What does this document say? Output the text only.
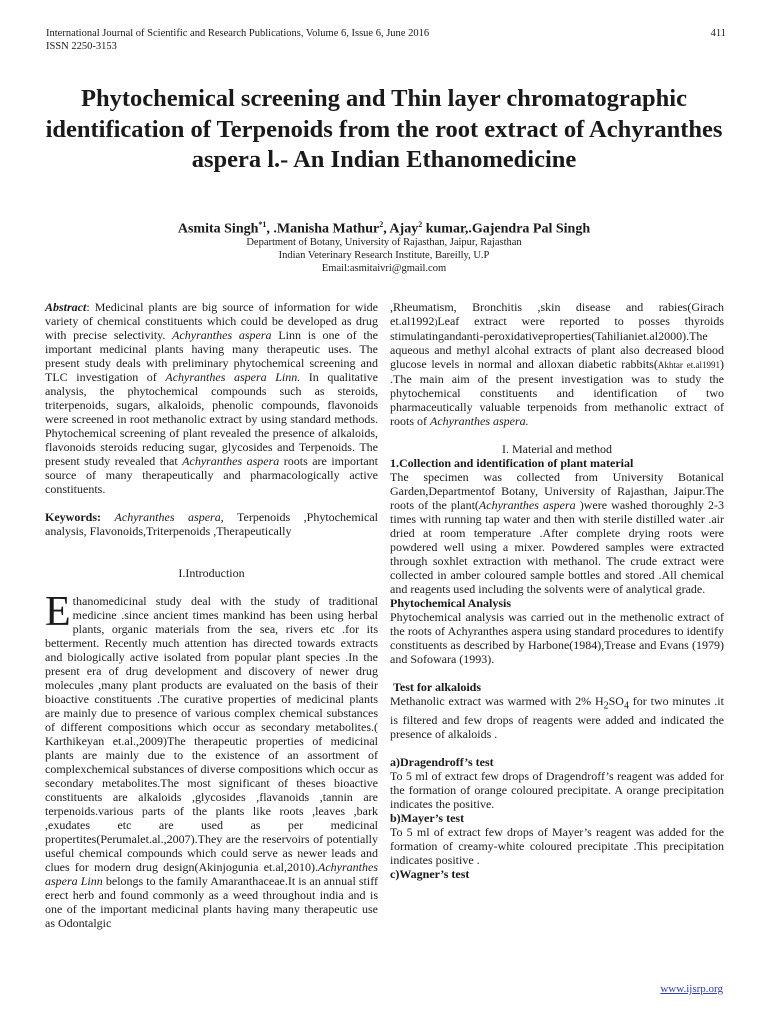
International Journal of Scientific and Research Publications, Volume 6, Issue 6, June 2016
ISSN 2250-3153
411
Phytochemical screening and Thin layer chromatographic identification of Terpenoids from the root extract of Achyranthes aspera l.- An Indian Ethanomedicine
Asmita Singh$^{*1}$, .Manisha Mathur$^2$, Ajay$^2$ kumar,.Gajendra Pal Singh
Department of Botany, University of Rajasthan, Jaipur, Rajasthan
Indian Veterinary Research Institute, Bareilly, U.P
Email:asmitaivri@gmail.com

Abstract: Medicinal plants are big source of information for wide variety of chemical constituents which could be developed as drug with precise selectivity. Achyranthes aspera Linn is one of the important medicinal plants having many therapeutic uses. The present study deals with preliminary phytochemical screening and TLC investigation of Achyranthes aspera Linn. In qualitative analysis, the phytochemical compounds such as steroids, triterpenoids, sugars, alkaloids, phenolic compounds, flavonoids were screened in root methanolic extract by using standard methods. Phytochemical screening of plant revealed the presence of alkaloids, flavonoids steroids reducing sugar, glycosides and Terpenoids. The present study revealed that Achyranthes aspera roots are important source of many therapeutically and pharmacologically active constituents.

Keywords: Achyranthes aspera, Terpenoids ,Phytochemical analysis, Flavonoids,Triterpenoids ,Therapeutically

I.Introduction

Ethanomedicinal study deal with the study of traditional medicine .since ancient times mankind has been using herbal plants, organic materials from the sea, rivers etc .for its betterment. Recently much attention has directed towards extracts and biologically active isolated from popular plant species .In the present era of drug development and discovery of newer drug molecules ,many plant products are evaluated on the basis of their bioactive constituents .The curative properties of medicinal plants are mainly due to presence of various complex chemical substances of different compositions which occur as secondary metabolites.( Karthikeyan et.al.,2009)The therapeutic properties of medicinal plants are mainly due to the existence of an assortment of complexchemical substances of diverse compositions which occur as secondary metabolites.The most significant of theses bioactive constituents are alkaloids ,glycosides ,flavanoids ,tannin are terpenoids.various parts of the plants like roots ,leaves ,bark ,exudates etc are used as per medicinal propertites(Perumalet.al.,2007).They are the reservoirs of potentially useful chemical compounds which could serve as newer leads and clues for modern drug design(Akinjogunia et.al,2010).Achyranthes aspera Linn belongs to the family Amaranthaceae.It is an annual stiff erect herb and found commonly as a weed throughout india and is one of the important medicinal plants having many therapeutic use as Odontalgic

,Rheumatism, Bronchitis ,skin disease and rabies(Girach et.al1992)Leaf extract were reported to posses thyroids stimulatingandanti-peroxidativeproperties(Tahilianiet.al2000).The aqueous and methyl alcohal extracts of plant also decreased blood glucose levels in normal and alloxan diabetic rabbits(Akhtar et.al1991) .The main aim of the present investigation was to study the phytochemical constituents and identification of two pharmaceutically valuable terpenoids from methanolic extract of roots of Achyranthes aspera.

I. Material and method

1.Collection and identification of plant material

The specimen was collected from University Botanical Garden,Departmentof Botany, University of Rajasthan, Jaipur.The roots of the plant(Achyranthes aspera )were washed thoroughly 2-3 times with running tap water and then with sterile distilled water .air dried at room temperature .After complete drying roots were powdered well using a mixer. Powdered samples were extracted through soxhlet extraction with methanol. The crude extract were collected in amber coloured sample bottles and stored .All chemical and reagents used including the solvents were of analytical grade.

Phytochemical Analysis

Phytochemical analysis was carried out in the methenolic extract of the roots of Achyranthes aspera using standard procedures to identify constituents as described by Harbone(1984),Trease and Evans (1979) and Sofowara (1993).

Test for alkaloids

Methanolic extract was warmed with 2% $H_2SO_4$ for two minutes .it is filtered and few drops of reagents were added and indicated the presence of alkaloids .

a)Dragendroff’s test

To 5 ml of extract few drops of Dragendroff’s reagent was added for the formation of orange coloured precipitate. A orange precipitation indicates the positive.

b)Mayer’s test

To 5 ml of extract few drops of Mayer’s reagent was added for the formation of creamy-white coloured precipitate .This precipitation indicates positive .

c)Wagner’s test

www.ijsrp.org
